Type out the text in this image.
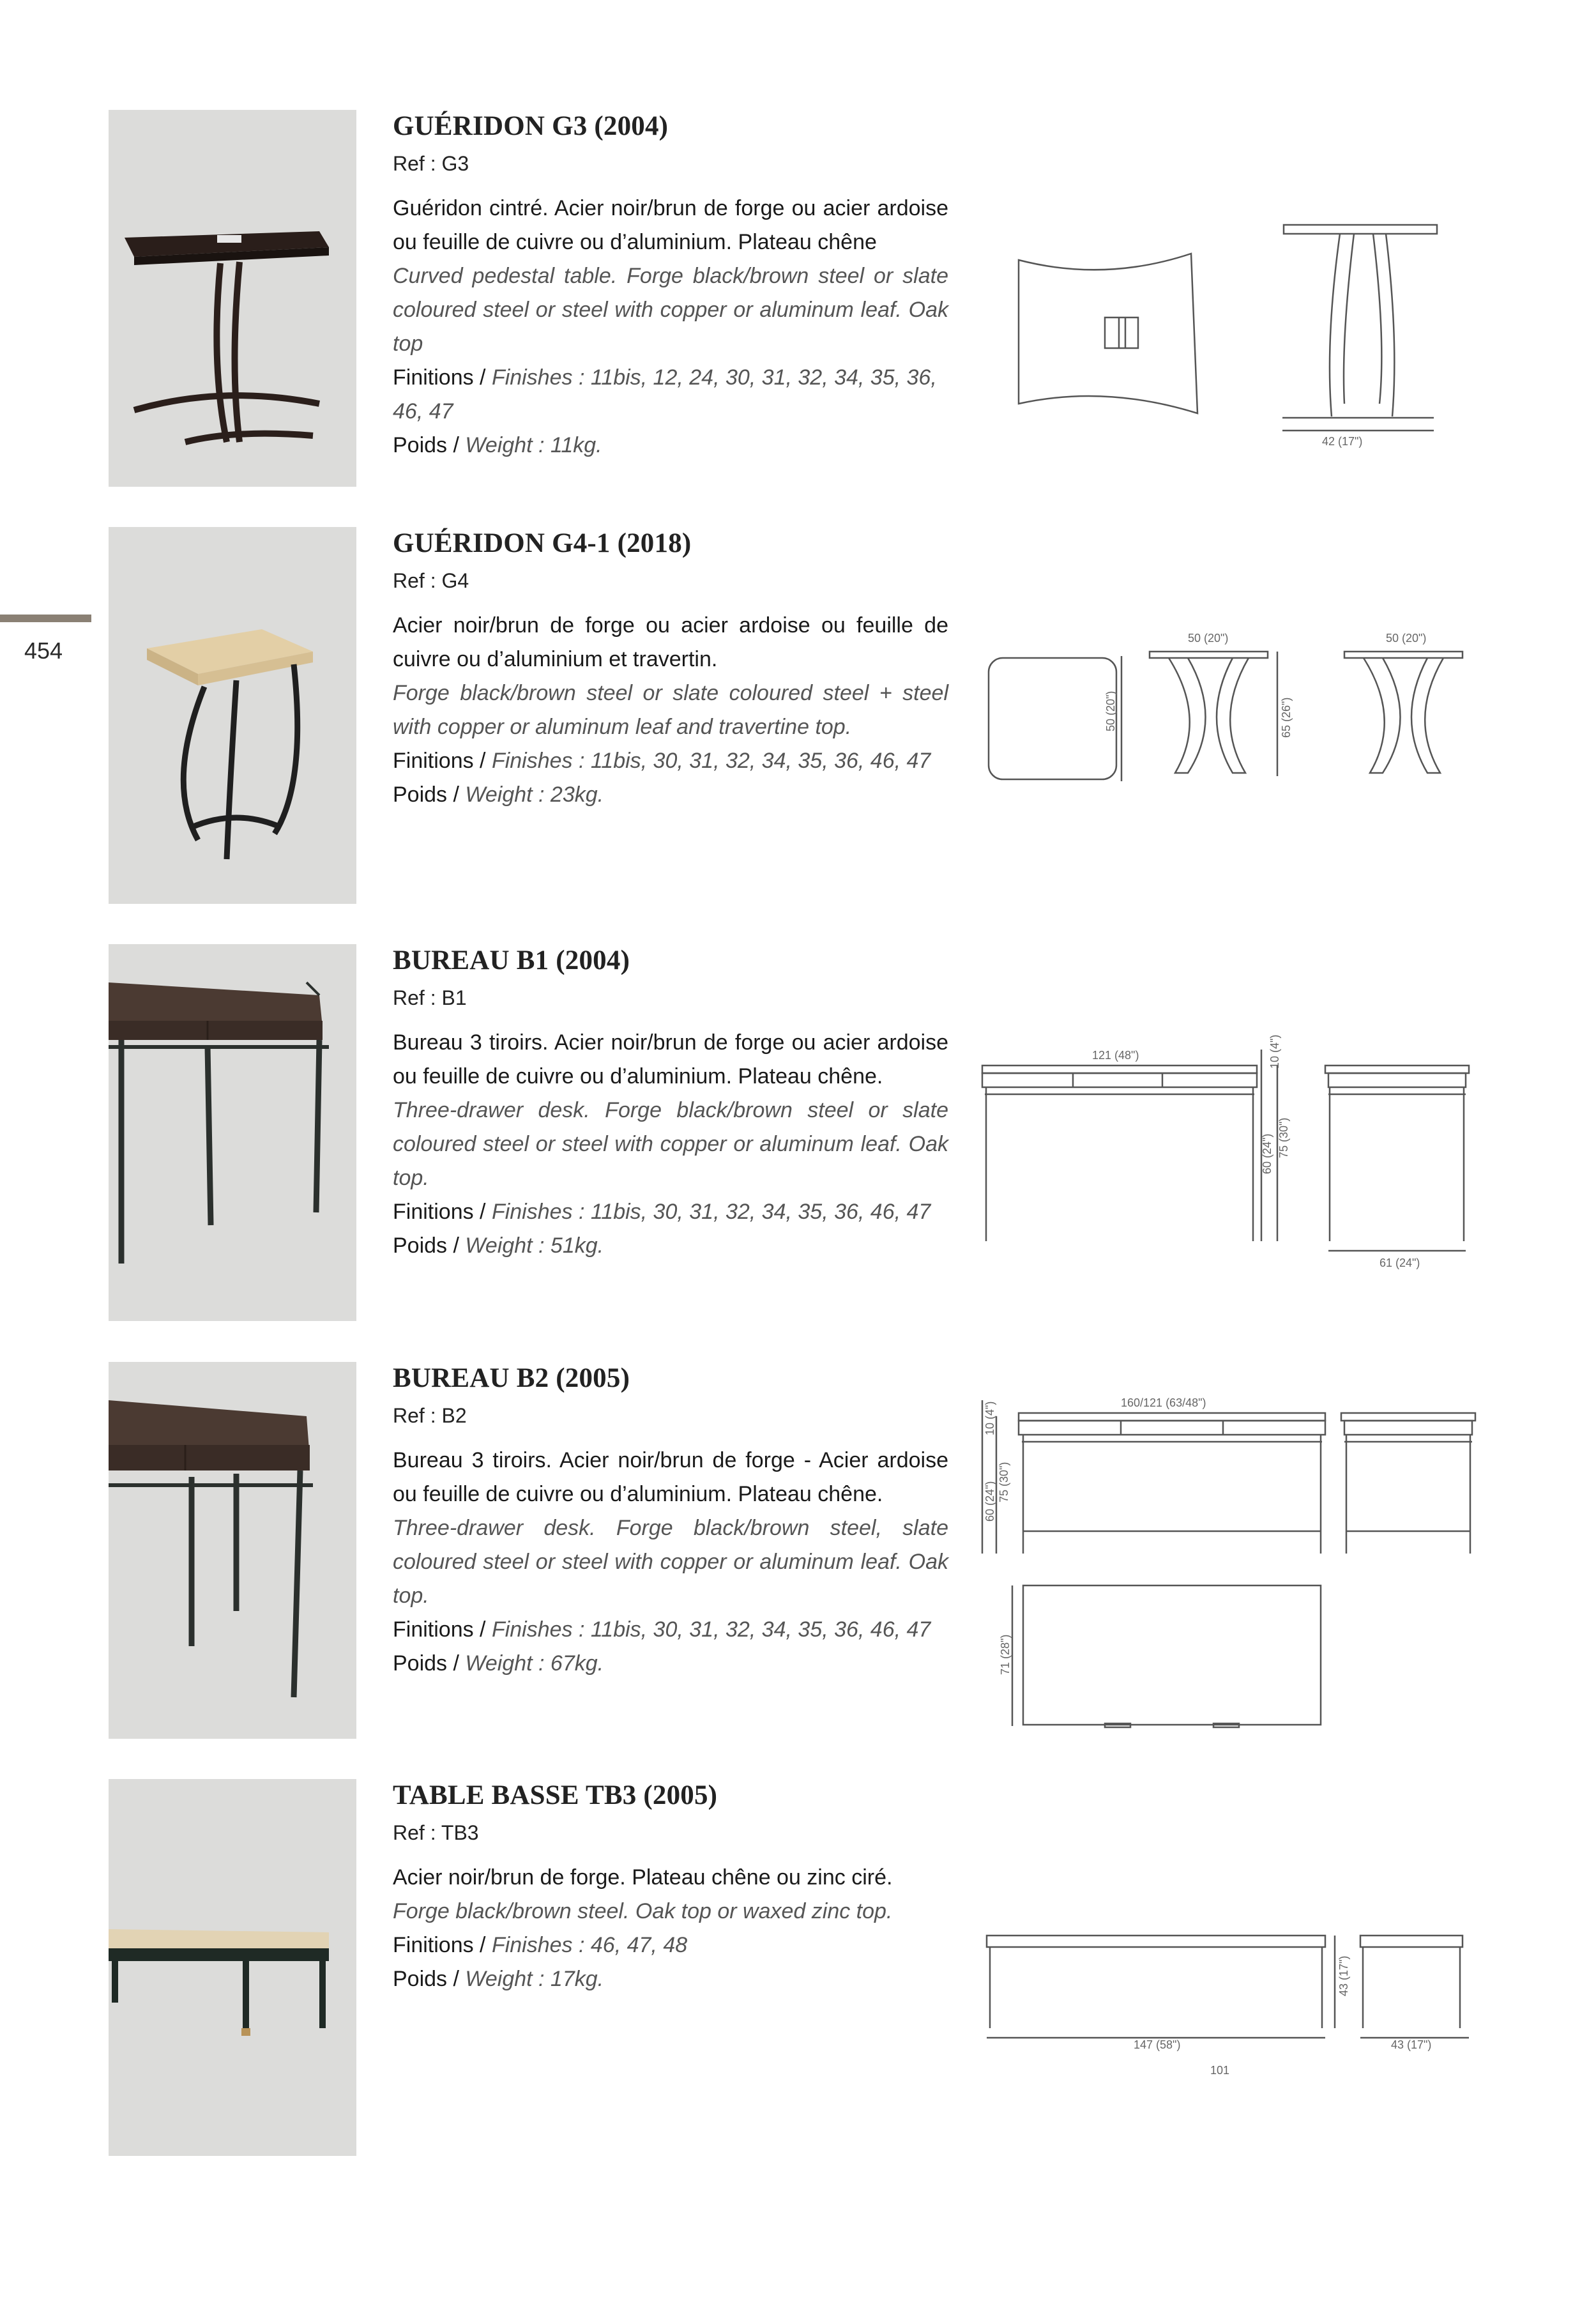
454
GUÉRIDON G3 (2004)
Ref : G3
Guéridon cintré. Acier noir/brun de forge ou acier ardoise ou feuille de cuivre ou d’aluminium. Plateau chêne
Curved pedestal table. Forge black/brown steel or slate coloured steel or steel with copper or aluminum leaf. Oak top
Finitions / Finishes : 11bis, 12, 24, 30, 31, 32, 34, 35, 36, 46, 47
Poids / Weight : 11kg.	42 (17")
GUÉRIDON G4-1 (2018)
Ref : G4
Acier noir/brun de forge ou acier ardoise ou feuille de cuivre ou d’aluminium et travertin.
Forge black/brown steel or slate coloured steel + steel with copper or aluminum leaf and travertine top.
Finitions / Finishes : 11bis, 30, 31, 32, 34, 35, 36, 46, 47
Poids / Weight : 23kg.
50 (20")	50 (20")
50 (20")	65 (26")
BUREAU B1 (2004)
Ref : B1
Bureau 3 tiroirs. Acier noir/brun de forge ou acier ardoise ou feuille de cuivre ou d’aluminium. Plateau chêne.
Three-drawer desk. Forge black/brown steel or slate coloured steel or steel with copper or aluminum leaf. Oak top.
Finitions / Finishes : 11bis, 30, 31, 32, 34, 35, 36, 46, 47
Poids / Weight : 51kg.
121 (48")	10 (4")
60 (24") 75 (30")
61 (24")
BUREAU B2 (2005)
Ref : B2
Bureau 3 tiroirs. Acier noir/brun de forge - Acier ardoise ou feuille de cuivre ou d’aluminium. Plateau chêne.
Three-drawer desk. Forge black/brown steel, slate coloured steel or steel with copper or aluminum leaf. Oak top.
Finitions / Finishes : 11bis, 30, 31, 32, 34, 35, 36, 46, 47
Poids / Weight : 67kg.
160/121 (63/48")
10 (4")
60 (24") 75 (30")
71 (28")
TABLE BASSE TB3 (2005)
Ref : TB3
Acier noir/brun de forge. Plateau chêne ou zinc ciré.
Forge black/brown steel. Oak top or waxed zinc top.
Finitions / Finishes : 46, 47, 48
Poids / Weight : 17kg.
147 (58")
43 (17")
43 (17")
101
